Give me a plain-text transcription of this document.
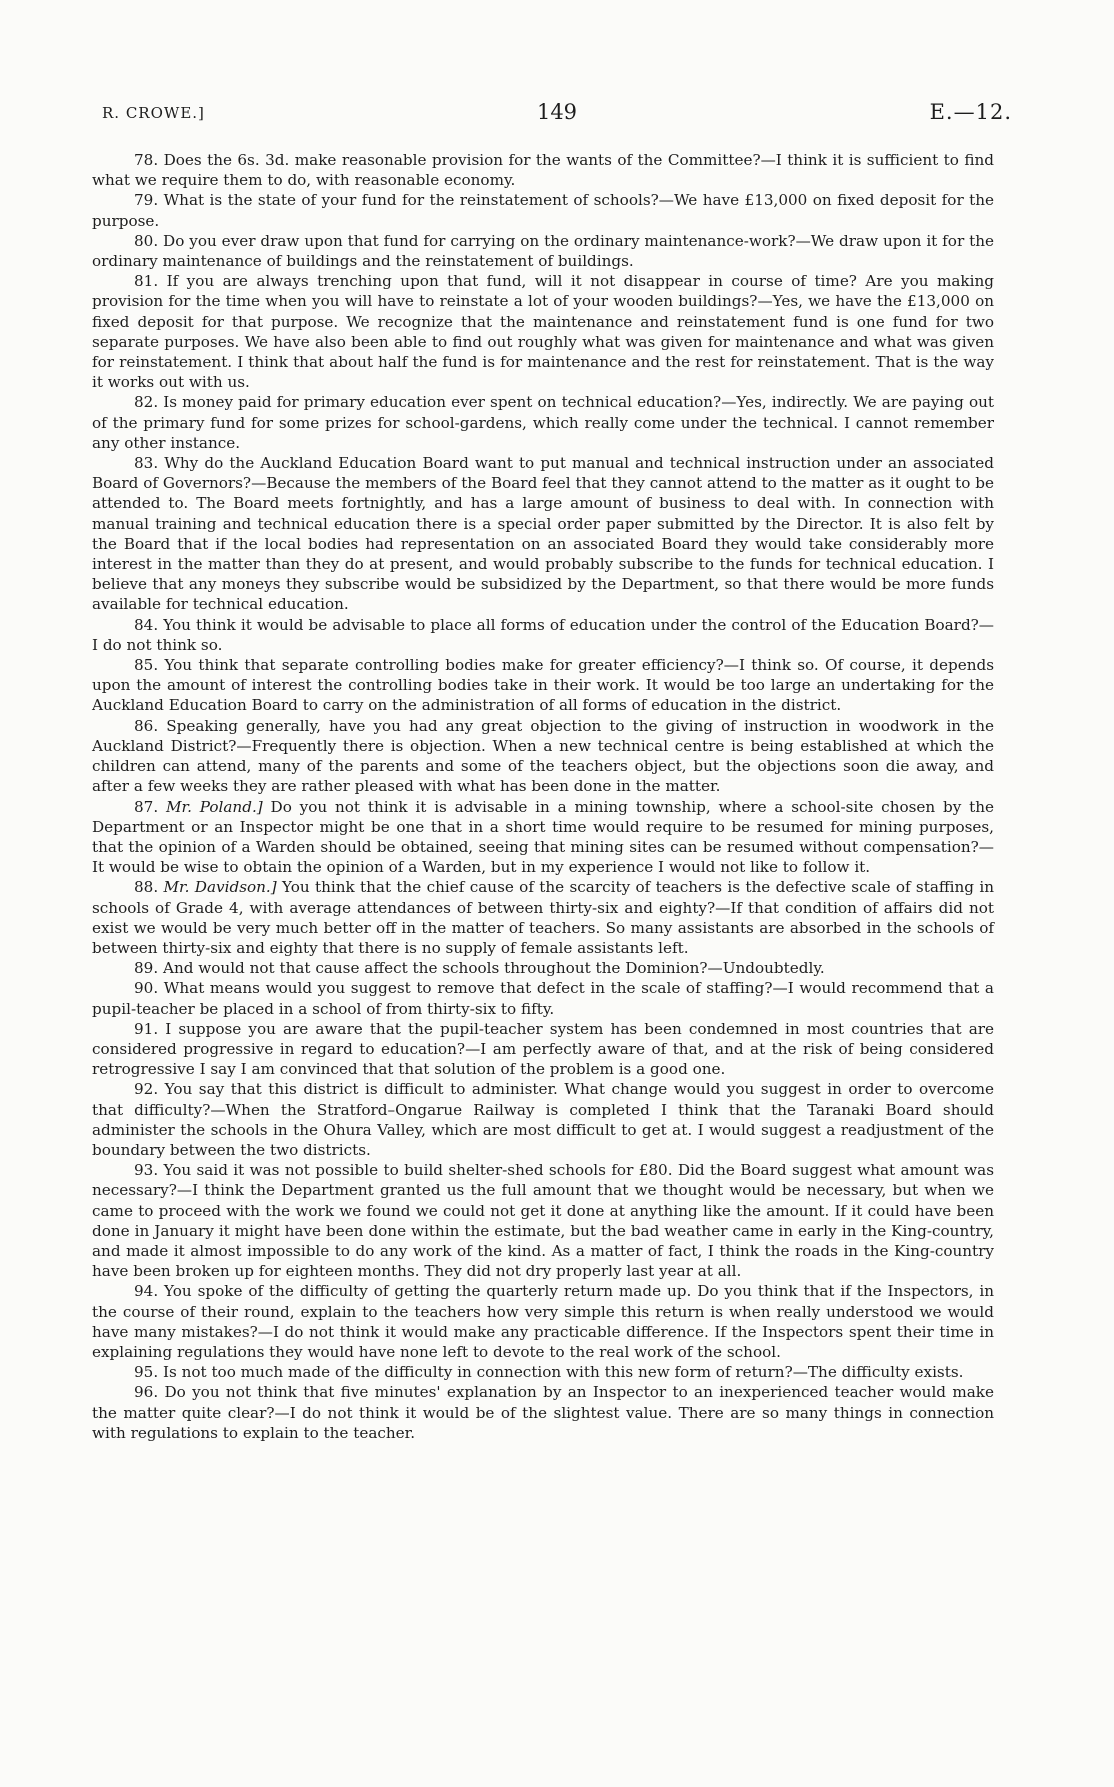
R. CROWE.]	149	E.—12.

78. Does the 6s. 3d. make reasonable provision for the wants of the Committee?—I think it is sufficient to find what we require them to do, with reasonable economy.

79. What is the state of your fund for the reinstatement of schools?—We have £13,000 on fixed deposit for the purpose.

80. Do you ever draw upon that fund for carrying on the ordinary maintenance-work?—We draw upon it for the ordinary maintenance of buildings and the reinstatement of buildings.

81. If you are always trenching upon that fund, will it not disappear in course of time? Are you making provision for the time when you will have to reinstate a lot of your wooden buildings?—Yes, we have the £13,000 on fixed deposit for that purpose. We recognize that the maintenance and reinstatement fund is one fund for two separate purposes. We have also been able to find out roughly what was given for maintenance and what was given for reinstatement. I think that about half the fund is for maintenance and the rest for reinstatement. That is the way it works out with us.

82. Is money paid for primary education ever spent on technical education?—Yes, indirectly. We are paying out of the primary fund for some prizes for school-gardens, which really come under the technical. I cannot remember any other instance.

83. Why do the Auckland Education Board want to put manual and technical instruction under an associated Board of Governors?—Because the members of the Board feel that they cannot attend to the matter as it ought to be attended to. The Board meets fortnightly, and has a large amount of business to deal with. In connection with manual training and technical education there is a special order paper submitted by the Director. It is also felt by the Board that if the local bodies had representation on an associated Board they would take considerably more interest in the matter than they do at present, and would probably subscribe to the funds for technical education. I believe that any moneys they subscribe would be subsidized by the Department, so that there would be more funds available for technical education.

84. You think it would be advisable to place all forms of education under the control of the Education Board?—I do not think so.

85. You think that separate controlling bodies make for greater efficiency?—I think so. Of course, it depends upon the amount of interest the controlling bodies take in their work. It would be too large an undertaking for the Auckland Education Board to carry on the administration of all forms of education in the district.

86. Speaking generally, have you had any great objection to the giving of instruction in woodwork in the Auckland District?—Frequently there is objection. When a new technical centre is being established at which the children can attend, many of the parents and some of the teachers object, but the objections soon die away, and after a few weeks they are rather pleased with what has been done in the matter.

87. Mr. Poland.] Do you not think it is advisable in a mining township, where a school-site chosen by the Department or an Inspector might be one that in a short time would require to be resumed for mining purposes, that the opinion of a Warden should be obtained, seeing that mining sites can be resumed without compensation?—It would be wise to obtain the opinion of a Warden, but in my experience I would not like to follow it.

88. Mr. Davidson.] You think that the chief cause of the scarcity of teachers is the defective scale of staffing in schools of Grade 4, with average attendances of between thirty-six and eighty?—If that condition of affairs did not exist we would be very much better off in the matter of teachers. So many assistants are absorbed in the schools of between thirty-six and eighty that there is no supply of female assistants left.

89. And would not that cause affect the schools throughout the Dominion?—Undoubtedly.

90. What means would you suggest to remove that defect in the scale of staffing?—I would recommend that a pupil-teacher be placed in a school of from thirty-six to fifty.

91. I suppose you are aware that the pupil-teacher system has been condemned in most countries that are considered progressive in regard to education?—I am perfectly aware of that, and at the risk of being considered retrogressive I say I am convinced that that solution of the problem is a good one.

92. You say that this district is difficult to administer. What change would you suggest in order to overcome that difficulty?—When the Stratford–Ongarue Railway is completed I think that the Taranaki Board should administer the schools in the Ohura Valley, which are most difficult to get at. I would suggest a readjustment of the boundary between the two districts.

93. You said it was not possible to build shelter-shed schools for £80. Did the Board suggest what amount was necessary?—I think the Department granted us the full amount that we thought would be necessary, but when we came to proceed with the work we found we could not get it done at anything like the amount. If it could have been done in January it might have been done within the estimate, but the bad weather came in early in the King-country, and made it almost impossible to do any work of the kind. As a matter of fact, I think the roads in the King-country have been broken up for eighteen months. They did not dry properly last year at all.

94. You spoke of the difficulty of getting the quarterly return made up. Do you think that if the Inspectors, in the course of their round, explain to the teachers how very simple this return is when really understood we would have many mistakes?—I do not think it would make any practicable difference. If the Inspectors spent their time in explaining regulations they would have none left to devote to the real work of the school.

95. Is not too much made of the difficulty in connection with this new form of return?—The difficulty exists.

96. Do you not think that five minutes' explanation by an Inspector to an inexperienced teacher would make the matter quite clear?—I do not think it would be of the slightest value. There are so many things in connection with regulations to explain to the teacher.
